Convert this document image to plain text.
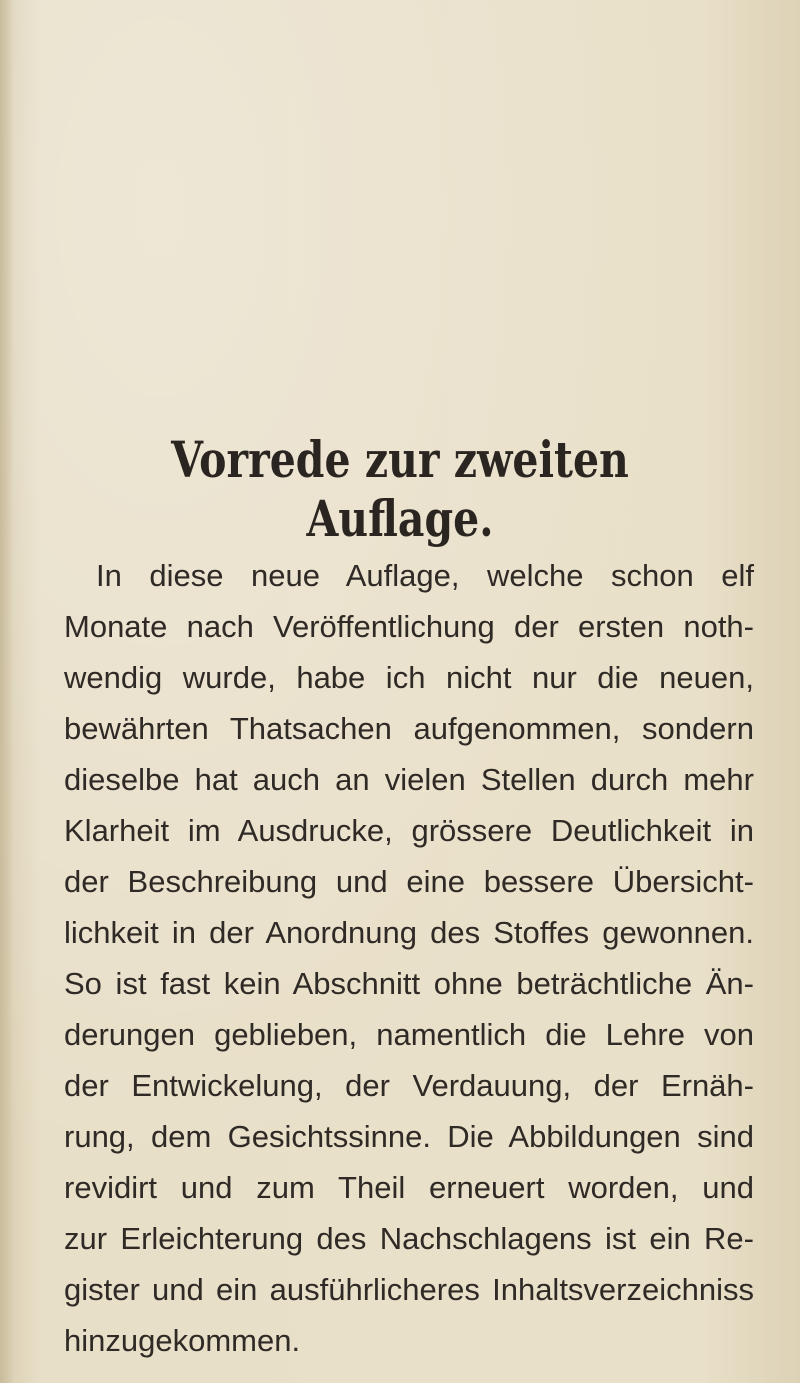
Vorrede zur zweiten Auflage.
In diese neue Auflage, welche schon elf
Monate nach Veröffentlichung der ersten noth-
wendig wurde, habe ich nicht nur die neuen,
bewährten Thatsachen aufgenommen, sondern
dieselbe hat auch an vielen Stellen durch mehr
Klarheit im Ausdrucke, grössere Deutlichkeit in
der Beschreibung und eine bessere Übersicht-
lichkeit in der Anordnung des Stoffes gewonnen.
So ist fast kein Abschnitt ohne beträchtliche Än-
derungen geblieben, namentlich die Lehre von
der Entwickelung, der Verdauung, der Ernäh-
rung, dem Gesichtssinne. Die Abbildungen sind
revidirt und zum Theil erneuert worden, und
zur Erleichterung des Nachschlagens ist ein Re-
gister und ein ausführlicheres Inhaltsverzeichniss
hinzugekommen.
